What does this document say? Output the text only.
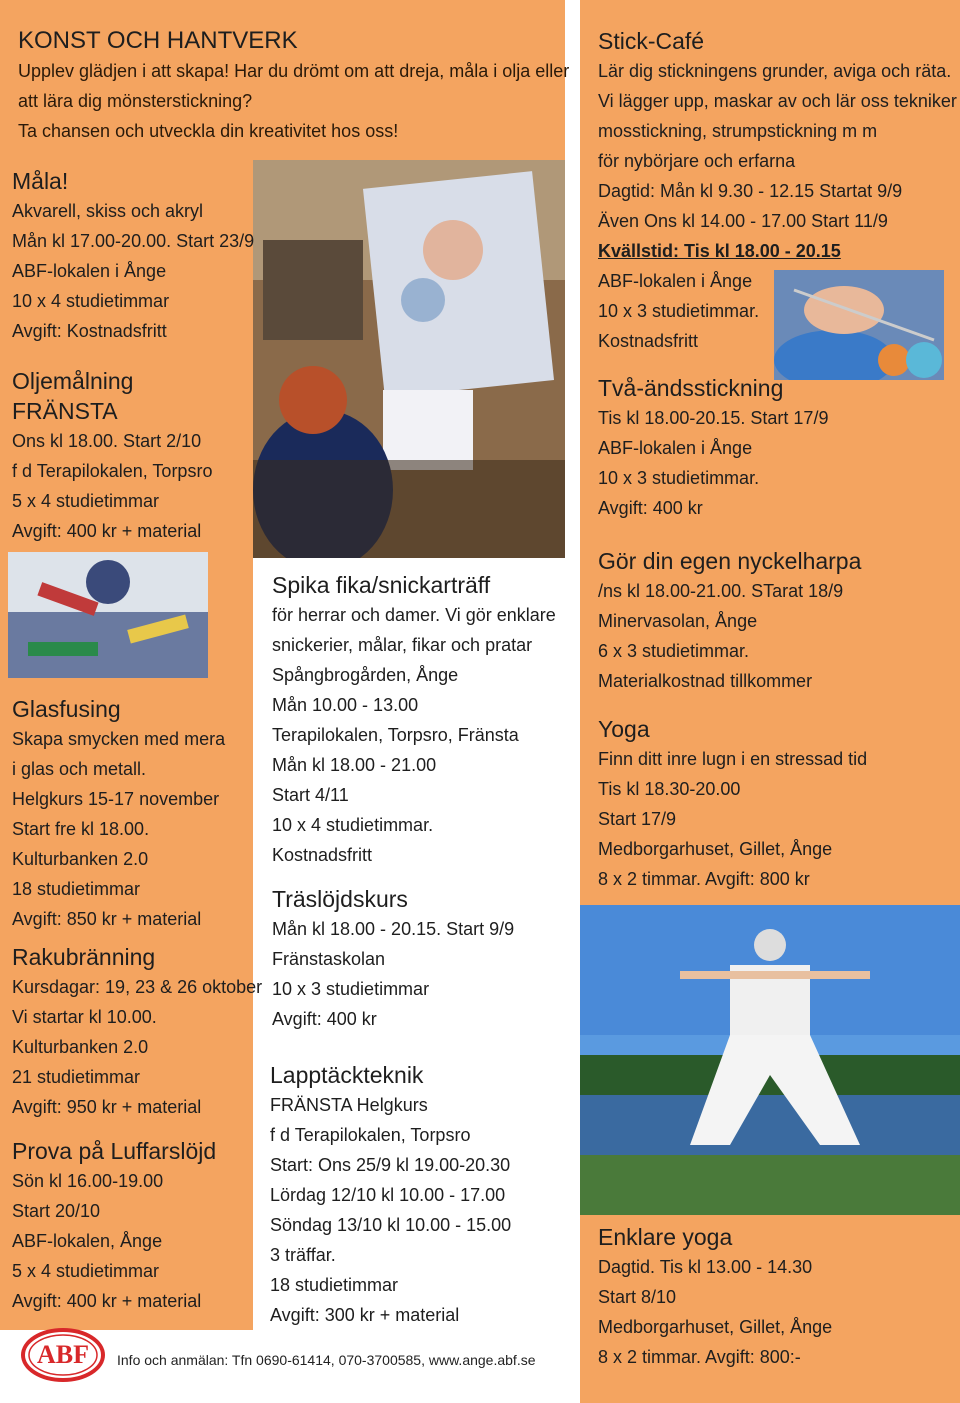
KONST OCH HANTVERK
Upplev glädjen i att skapa! Har du drömt om att dreja, måla i olja eller
att lära dig mönsterstickning?
Ta chansen och utveckla din kreativitet hos oss!
Måla!
Akvarell, skiss och akryl
Mån kl 17.00-20.00. Start 23/9
ABF-lokalen i Ånge
10 x 4 studietimmar
Avgift: Kostnadsfritt
Oljemålning
FRÄNSTA
Ons kl 18.00. Start 2/10
f d Terapilokalen, Torpsro
5 x 4 studietimmar
Avgift: 400 kr + material
Glasfusing
Skapa smycken med mera
i glas och metall.
Helgkurs 15-17 november
Start fre kl 18.00.
Kulturbanken 2.0
18 studietimmar
Avgift: 850 kr + material
Rakubränning
Kursdagar: 19, 23 & 26 oktober
Vi startar kl 10.00.
Kulturbanken 2.0
21 studietimmar
Avgift: 950 kr + material
Prova på Luffarslöjd
Sön kl 16.00-19.00
Start 20/10
ABF-lokalen, Ånge
5 x 4 studietimmar
Avgift: 400 kr + material
Spika fika/snickarträff
för herrar och damer. Vi gör enklare
snickerier, målar, fikar och pratar
Spångbrogården, Ånge
Mån 10.00 - 13.00
Terapilokalen, Torpsro, Fränsta
Mån kl 18.00 - 21.00
Start 4/11
10 x 4 studietimmar.
Kostnadsfritt
Träslöjdskurs
Mån kl 18.00 - 20.15. Start 9/9
Fränstaskolan
10 x 3 studietimmar
Avgift: 400 kr
Lapptäckteknik
FRÄNSTA Helgkurs
f d Terapilokalen, Torpsro
Start: Ons 25/9 kl 19.00-20.30
Lördag 12/10 kl 10.00 - 17.00
Söndag 13/10 kl 10.00 - 15.00
3 träffar.
18 studietimmar
Avgift: 300 kr + material
Stick-Café
Lär dig stickningens grunder, aviga och räta.
Vi lägger upp, maskar av och lär oss tekniker
mosstickning, strumpstickning m m
för nybörjare och erfarna
Dagtid: Mån kl 9.30 - 12.15 Startat 9/9
Även Ons kl 14.00 - 17.00 Start 11/9
Kvällstid: Tis kl 18.00 - 20.15
ABF-lokalen i Ånge
10 x 3 studietimmar.
Kostnadsfritt
Två-ändsstickning
Tis kl 18.00-20.15. Start 17/9
ABF-lokalen i Ånge
10 x 3 studietimmar.
Avgift: 400 kr
Gör din egen nyckelharpa
/ns kl 18.00-21.00. STarat 18/9
Minervasolan, Ånge
6 x 3 studietimmar.
Materialkostnad tillkommer
Yoga
Finn ditt inre lugn i en stressad tid
Tis kl 18.30-20.00
Start 17/9
Medborgarhuset, Gillet, Ånge
8 x 2 timmar. Avgift: 800 kr
Enklare yoga
Dagtid. Tis kl 13.00 - 14.30
Start 8/10
Medborgarhuset, Gillet, Ånge
8 x 2 timmar. Avgift: 800:-
ABF	Info och anmälan: Tfn 0690-61414, 070-3700585, www.ange.abf.se
